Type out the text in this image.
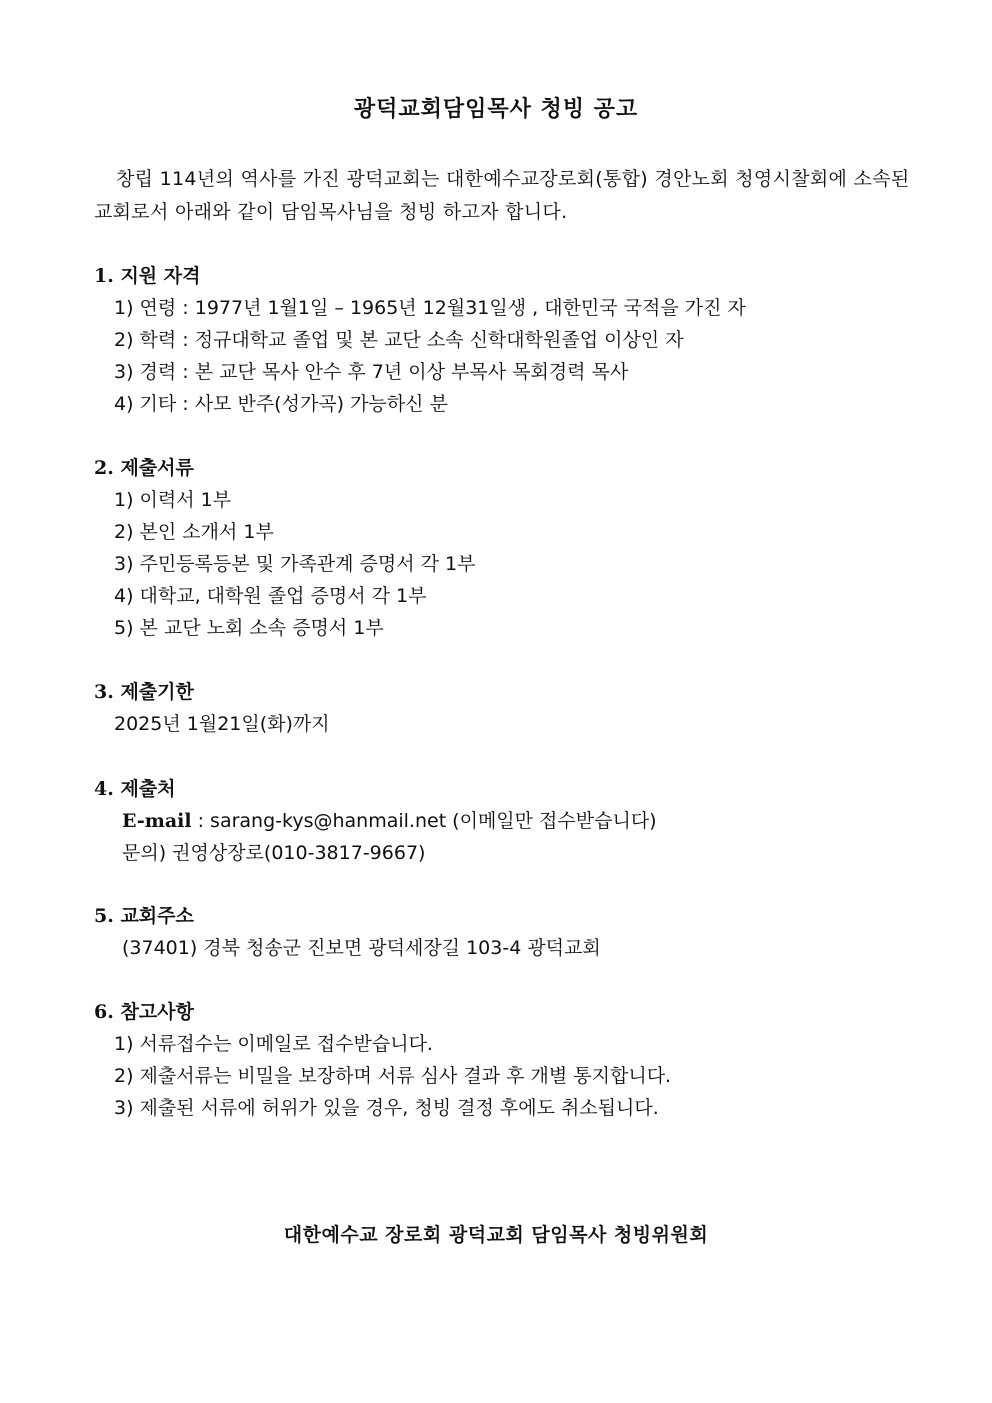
광덕교회담임목사 청빙 공고
창립 114년의 역사를 가진 광덕교회는 대한예수교장로회(통합) 경안노회 청영시찰회에 소속된 교회로서 아래와 같이 담임목사님을 청빙 하고자 합니다.
1. 지원 자격
1) 연령 : 1977년 1월1일 – 1965년 12월31일생 , 대한민국 국적을 가진 자
2) 학력 : 정규대학교 졸업 및 본 교단 소속 신학대학원졸업 이상인 자
3) 경력 : 본 교단 목사 안수 후 7년 이상 부목사 목회경력 목사
4) 기타 : 사모 반주(성가곡) 가능하신 분
2. 제출서류
1) 이력서 1부
2) 본인 소개서 1부
3) 주민등록등본 및 가족관계 증명서 각 1부
4) 대학교, 대학원 졸업 증명서 각 1부
5) 본 교단 노회 소속 증명서 1부
3. 제출기한
2025년 1월21일(화)까지
4. 제출처
E-mail : sarang-kys@hanmail.net (이메일만 접수받습니다)
문의) 권영상장로(010-3817-9667)
5. 교회주소
(37401) 경북 청송군 진보면 광덕세장길 103-4 광덕교회
6. 참고사항
1) 서류접수는 이메일로 접수받습니다.
2) 제출서류는 비밀을 보장하며 서류 심사 결과 후 개별 통지합니다.
3) 제출된 서류에 허위가 있을 경우, 청빙 결정 후에도 취소됩니다.
대한예수교 장로회 광덕교회 담임목사 청빙위원회
